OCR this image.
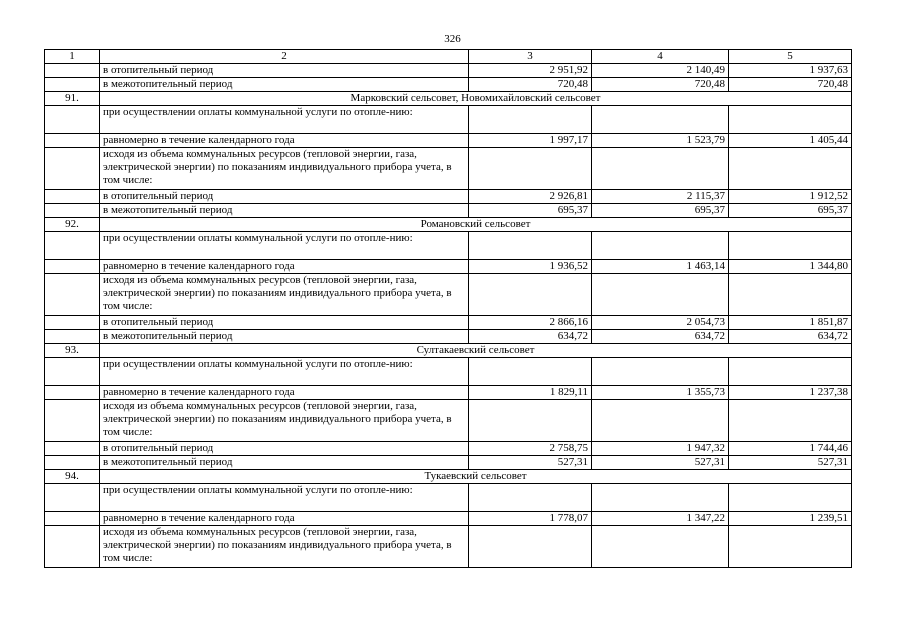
326
1	2	3	4	5
	в отопительный период	2 951,92	2 140,49	1 937,63
	в межотопительный период	720,48	720,48	720,48
91.	Марковский сельсовет, Новомихайловский сельсовет			
	при осуществлении оплаты коммунальной услуги по отопле-нию:			
	равномерно в течение календарного года	1 997,17	1 523,79	1 405,44
	исходя из объема коммунальных ресурсов (тепловой энергии, газа, электрической энергии) по показаниям индивидуального прибора учета, в том числе:			
	в отопительный период	2 926,81	2 115,37	1 912,52
	в межотопительный период	695,37	695,37	695,37
92.	Романовский сельсовет			
	при осуществлении оплаты коммунальной услуги по отопле-нию:			
	равномерно в течение календарного года	1 936,52	1 463,14	1 344,80
	исходя из объема коммунальных ресурсов (тепловой энергии, газа, электрической энергии) по показаниям индивидуального прибора учета, в том числе:			
	в отопительный период	2 866,16	2 054,73	1 851,87
	в межотопительный период	634,72	634,72	634,72
93.	Султакаевский сельсовет			
	при осуществлении оплаты коммунальной услуги по отопле-нию:			
	равномерно в течение календарного года	1 829,11	1 355,73	1 237,38
	исходя из объема коммунальных ресурсов (тепловой энергии, газа, электрической энергии) по показаниям индивидуального прибора учета, в том числе:			
	в отопительный период	2 758,75	1 947,32	1 744,46
	в межотопительный период	527,31	527,31	527,31
94.	Тукаевский сельсовет			
	при осуществлении оплаты коммунальной услуги по отопле-нию:			
	равномерно в течение календарного года	1 778,07	1 347,22	1 239,51
	исходя из объема коммунальных ресурсов (тепловой энергии, газа, электрической энергии) по показаниям индивидуального прибора учета, в том числе:			
